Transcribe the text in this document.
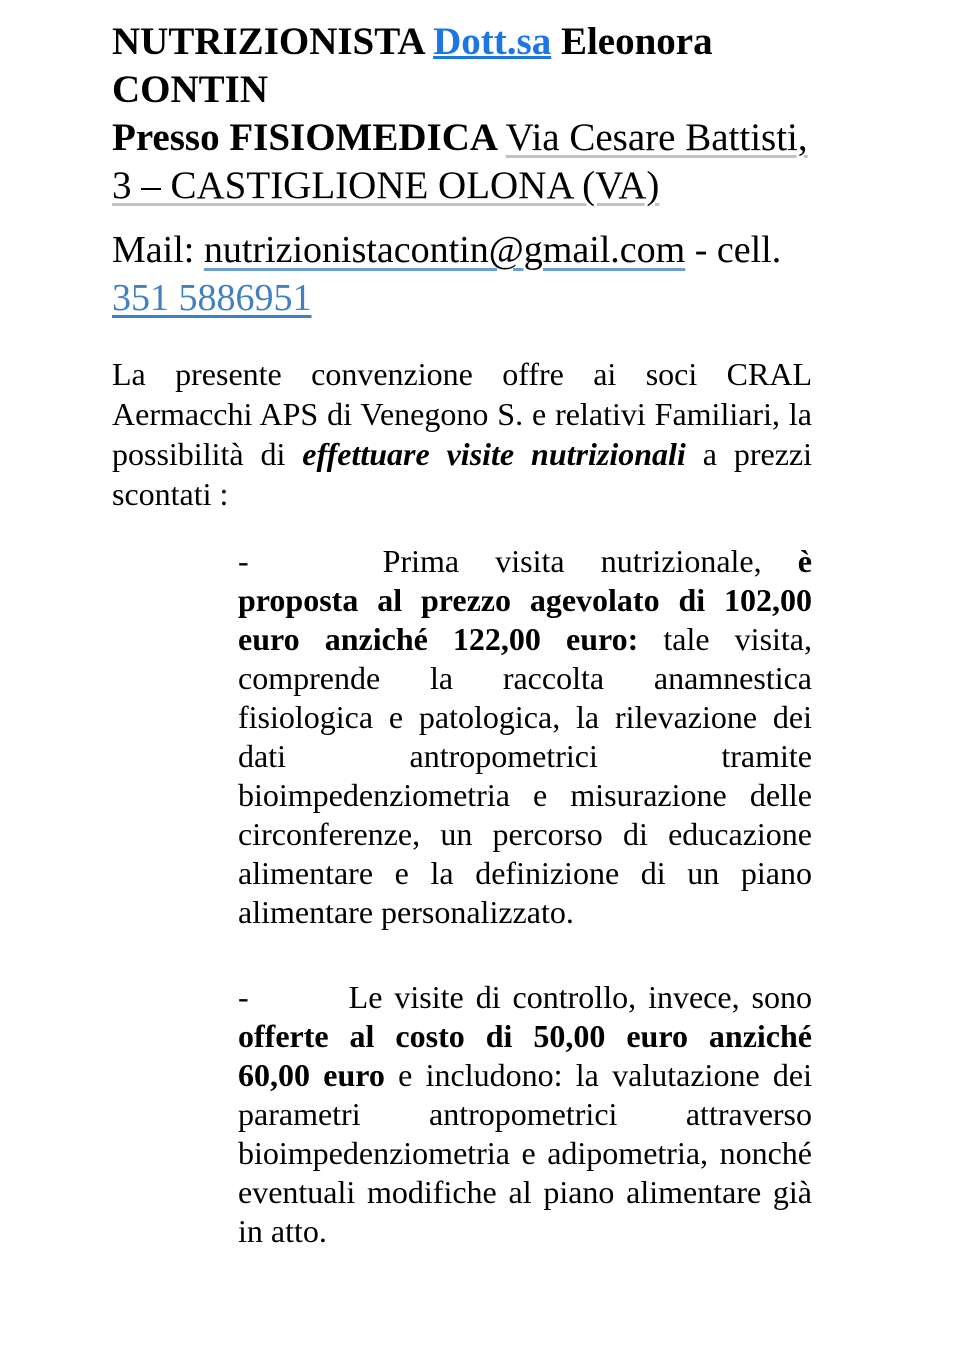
NUTRIZIONISTA Dott.sa Eleonora
CONTIN

Presso FISIOMEDICA Via Cesare Battisti,
3 – CASTIGLIONE OLONA (VA)

Mail: nutrizionistacontin@gmail.com - cell.
351 5886951

La presente convenzione offre ai soci CRAL Aermacchi APS di Venegono S. e relativi Familiari, la possibilità di effettuare visite nutrizionali a prezzi scontati :

-	Prima visita nutrizionale, è proposta al prezzo agevolato di 102,00 euro anziché 122,00 euro: tale visita, comprende la raccolta anamnestica fisiologica e patologica, la rilevazione dei dati antropometrici tramite bioimpedenziometria e misurazione delle circonferenze, un percorso di educazione alimentare e la definizione di un piano alimentare personalizzato.

-	Le visite di controllo, invece, sono offerte al costo di 50,00 euro anziché 60,00 euro e includono: la valutazione dei parametri antropometrici attraverso bioimpedenziometria e adipometria, nonché eventuali modifiche al piano alimentare già in atto.
